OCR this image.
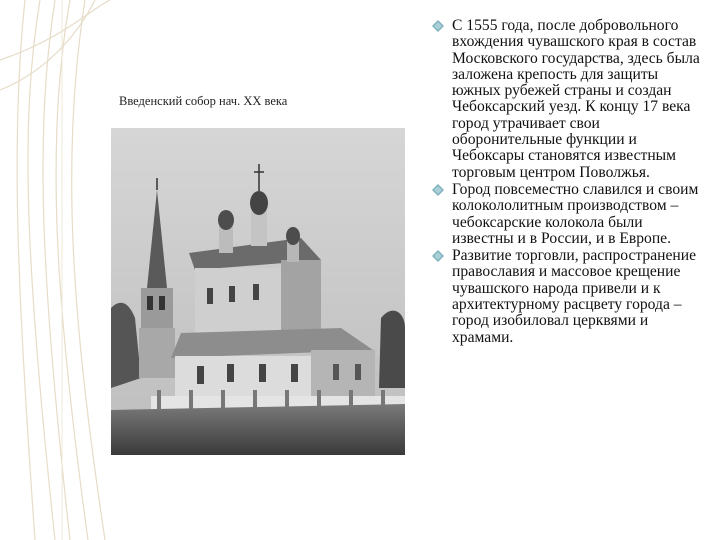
Введенский собор нач. ХХ века
С 1555 года, после добровольного вхождения чувашского края в состав Московского государства, здесь была заложена крепость для защиты южных рубежей страны и создан Чебоксарский уезд. К концу 17 века город утрачивает свои оборонительные функции и Чебоксары становятся известным торговым центром Поволжья.
Город повсеместно славился и своим колокололитным производством – чебоксарские колокола были известны и в России, и в Европе.
Развитие торговли, распространение православия и массовое крещение чувашского народа привели и к архитектурному расцвету города – город изобиловал церквями и храмами.
